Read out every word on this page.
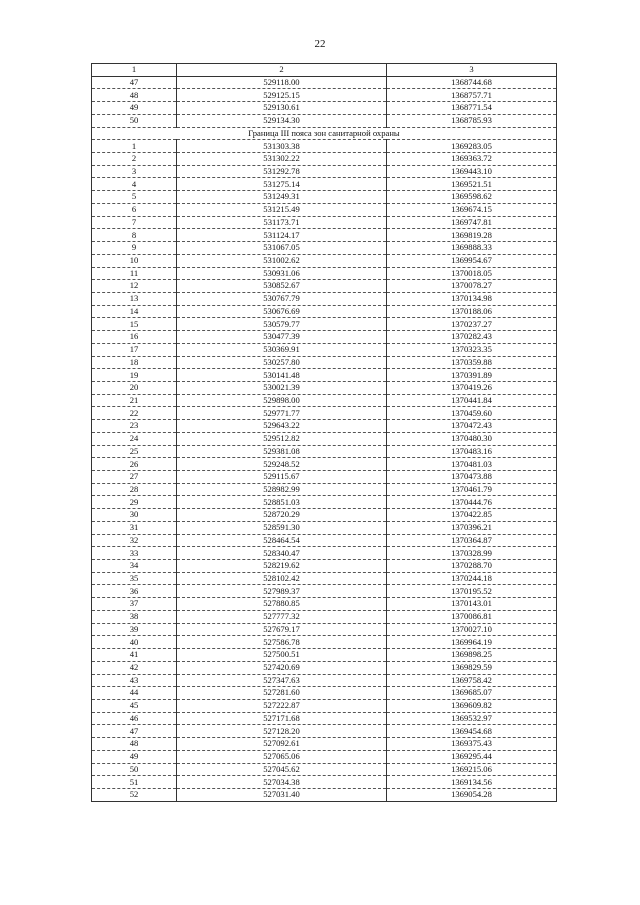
22
1	2	3
47	529118.00	1368744.68
48	529125.15	1368757.71
49	529130.61	1368771.54
50	529134.30	1368785.93
Граница III пояса зон санитарной охраны		
1	531303.38	1369283.05
2	531302.22	1369363.72
3	531292.78	1369443.10
4	531275.14	1369521.51
5	531249.31	1369598.62
6	531215.49	1369674.15
7	531173.71	1369747.81
8	531124.17	1369819.28
9	531067.05	1369888.33
10	531002.62	1369954.67
11	530931.06	1370018.05
12	530852.67	1370078.27
13	530767.79	1370134.98
14	530676.69	1370188.06
15	530579.77	1370237.27
16	530477.39	1370282.43
17	530369.91	1370323.35
18	530257.80	1370359.88
19	530141.48	1370391.89
20	530021.39	1370419.26
21	529898.00	1370441.84
22	529771.77	1370459.60
23	529643.22	1370472.43
24	529512.82	1370480.30
25	529381.08	1370483.16
26	529248.52	1370481.03
27	529115.67	1370473.88
28	528982.99	1370461.79
29	528851.03	1370444.76
30	528720.29	1370422.85
31	528591.30	1370396.21
32	528464.54	1370364.87
33	528340.47	1370328.99
34	528219.62	1370288.70
35	528102.42	1370244.18
36	527989.37	1370195.52
37	527880.85	1370143.01
38	527777.32	1370086.81
39	527679.17	1370027.10
40	527586.78	1369964.19
41	527500.51	1369898.25
42	527420.69	1369829.59
43	527347.63	1369758.42
44	527281.60	1369685.07
45	527222.87	1369609.82
46	527171.68	1369532.97
47	527128.20	1369454.68
48	527092.61	1369375.43
49	527065.06	1369295.44
50	527045.62	1369215.06
51	527034.38	1369134.56
52	527031.40	1369054.28
